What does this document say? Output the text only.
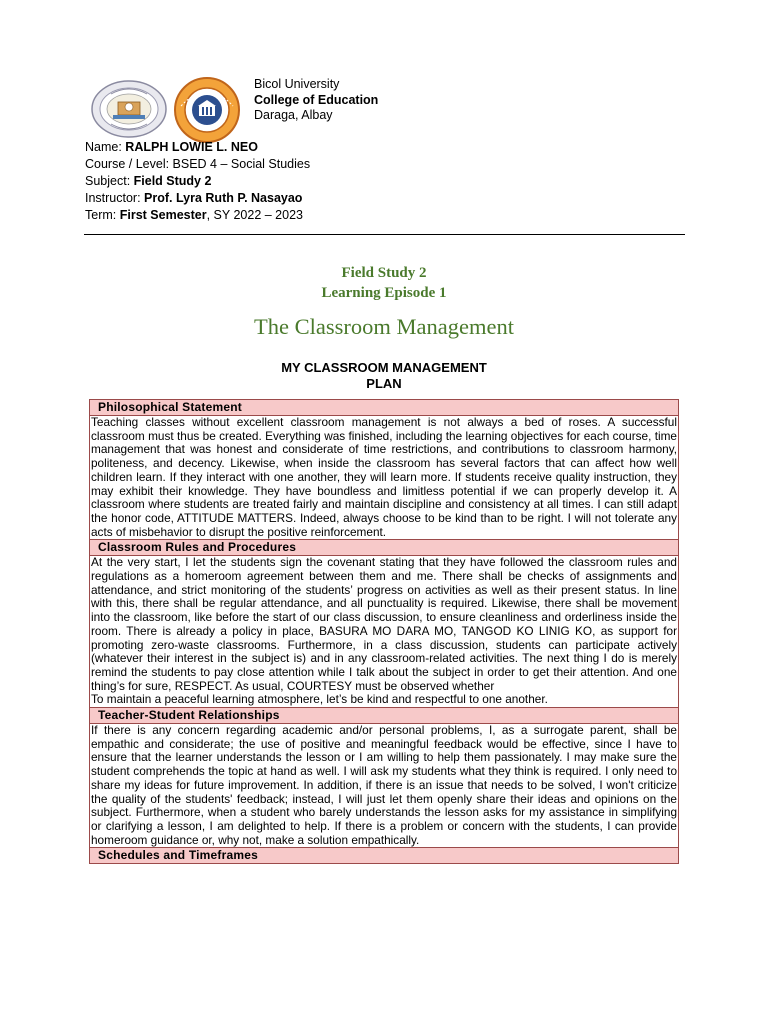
Bicol University
College of Education
Daraga, Albay
Name: RALPH LOWIE L. NEO
Course / Level: BSED 4 – Social Studies
Subject: Field Study 2
Instructor: Prof. Lyra Ruth P. Nasayao
Term: First Semester, SY 2022 – 2023
Field Study 2
Learning Episode 1
The Classroom Management
MY CLASSROOM MANAGEMENT
PLAN
Philosophical Statement

Teaching classes without excellent classroom management is not always a bed of roses. A successful classroom must thus be created. Everything was finished, including the learning objectives for each course, time management that was honest and considerate of time restrictions, and contributions to classroom harmony, politeness, and decency. Likewise, when inside the classroom has several factors that can affect how well children learn. If they interact with one another, they will learn more. If students receive quality instruction, they may exhibit their knowledge. They have boundless and limitless potential if we can properly develop it. A classroom where students are treated fairly and maintain discipline and consistency at all times. I can still adapt the honor code, ATTITUDE MATTERS. Indeed, always choose to be kind than to be right. I will not tolerate any acts of misbehavior to disrupt the positive reinforcement.

Classroom Rules and Procedures

At the very start, I let the students sign the covenant stating that they have followed the classroom rules and regulations as a homeroom agreement between them and me. There shall be checks of assignments and attendance, and strict monitoring of the students’ progress on activities as well as their present status. In line with this, there shall be regular attendance, and all punctuality is required. Likewise, there shall be movement into the classroom, like before the start of our class discussion, to ensure cleanliness and orderliness inside the room. There is already a policy in place, BASURA MO DARA MO, TANGOD KO LINIG KO, as support for promoting zero-waste classrooms. Furthermore, in a class discussion, students can participate actively (whatever their interest in the subject is) and in any classroom-related activities. The next thing I do is merely remind the students to pay close attention while I talk about the subject in order to get their attention. And one thing’s for sure, RESPECT. As usual, COURTESY must be observed whether

To maintain a peaceful learning atmosphere, let’s be kind and respectful to one another.

Teacher-Student Relationships

If there is any concern regarding academic and/or personal problems, I, as a surrogate parent, shall be empathic and considerate; the use of positive and meaningful feedback would be effective, since I have to ensure that the learner understands the lesson or I am willing to help them passionately. I may make sure the student comprehends the topic at hand as well. I will ask my students what they think is required. I only need to share my ideas for future improvement. In addition, if there is an issue that needs to be solved, I won't criticize the quality of the students' feedback; instead, I will just let them openly share their ideas and opinions on the subject. Furthermore, when a student who barely understands the lesson asks for my assistance in simplifying or clarifying a lesson, I am delighted to help. If there is a problem or concern with the students, I can provide homeroom guidance or, why not, make a solution empathically.

Schedules and Timeframes
